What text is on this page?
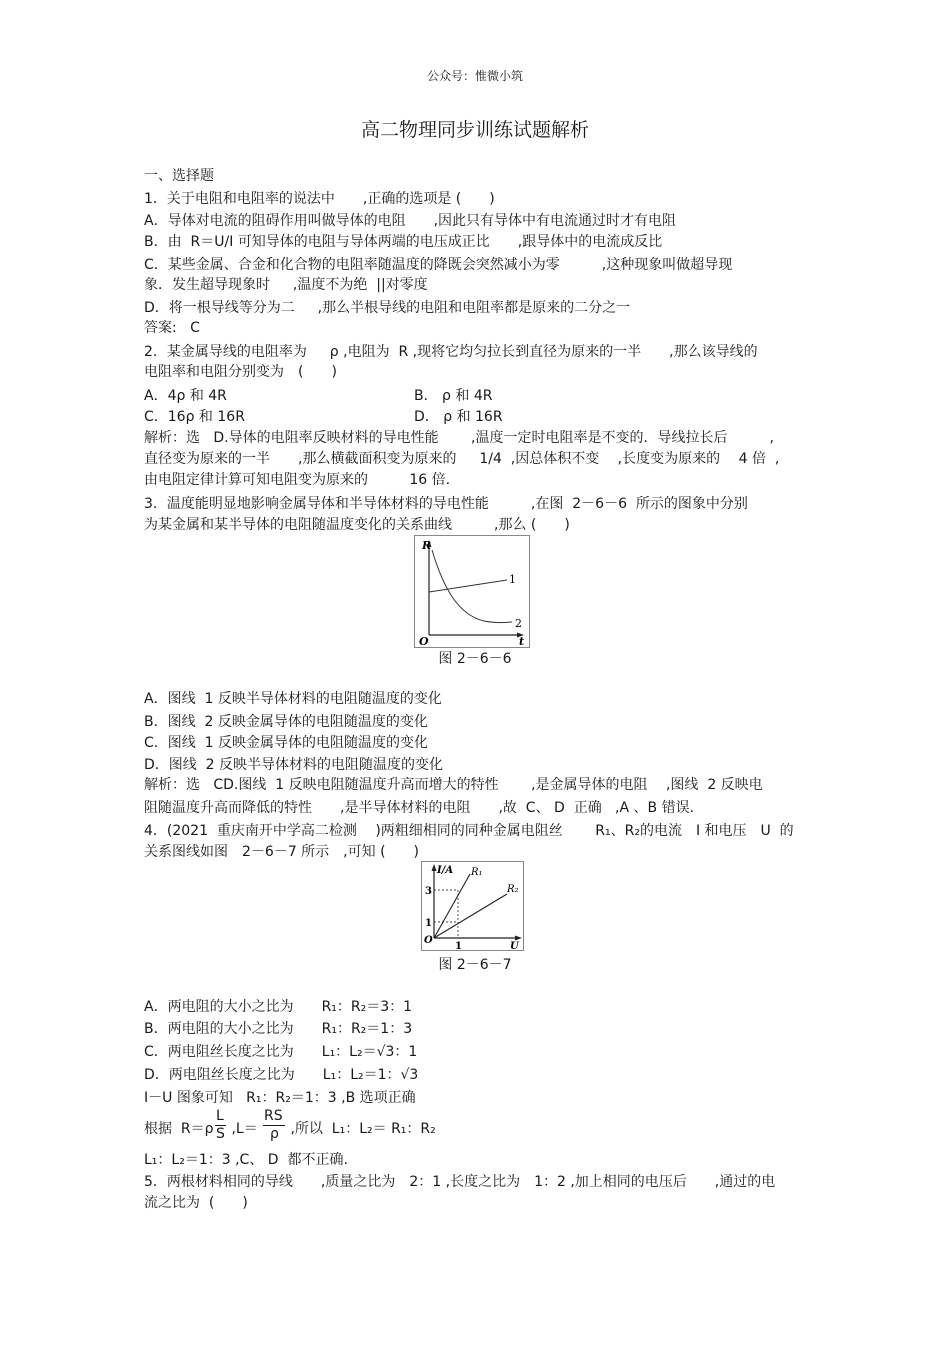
公众号：惟微小筑
高二物理同步训练试题解析
一、选择题
1．关于电阻和电阻率的说法中　　,正确的选项是 (　　)
A．导体对电流的阻碍作用叫做导体的电阻　　,因此只有导体中有电流通过时才有电阻
B．由  R＝U/I 可知导体的电阻与导体两端的电压成正比　　,跟导体中的电流成反比
C．某些金属、合金和化合物的电阻率随温度的降既会突然减小为零　　　,这种现象叫做超导现
象．发生超导现象时　  ,温度不为绝  ||对零度
D．将一根导线等分为二　  ,那么半根导线的电阻和电阻率都是原来的二分之一
答案:   C
2．某金属导线的电阻率为　  ρ ,电阻为  R ,现将它均匀拉长到直径为原来的一半　　,那么该导线的
电阻率和电阻分别变为　(　　)
A．4ρ 和 4R	B． ρ 和 4R
C．16ρ 和 16R	D． ρ 和 16R
解析：选   D.导体的电阻率反映材料的导电性能　　 ,温度一定时电阻率是不变的．导线拉长后　　　,
直径变为原来的一半　　,那么横截面积变为原来的　  1/4  ,因总体积不变　 ,长度变为原来的　 4 倍  ,
由电阻定律计算可知电阻变为原来的　　   16 倍.
3．温度能明显地影响金属导体和半导体材料的导电性能　　　,在图  2－6－6  所示的图象中分别
为某金属和某半导体的电阻随温度变化的关系曲线　　　,那么 (　　)
R
t
O
1
2
图 2－6－6
A．图线  1 反映半导体材料的电阻随温度的变化
B．图线  2 反映金属导体的电阻随温度的变化
C．图线  1 反映金属导体的电阻随温度的变化
D．图线  2 反映半导体材料的电阻随温度的变化
解析：选   CD.图线  1 反映电阻随温度升高而增大的特性　　 ,是金属导体的电阻　 ,图线  2 反映电
阻随温度升高而降低的特性　　,是半导体材料的电阻　　,故  C、 D  正确   ,A 、B 错误.
4．(2021  重庆南开中学高二检测　 )两粗细相同的同种金属电阻丝　　 R₁、R₂的电流　I 和电压　U  的
关系图线如图　2－6－7 所示　,可知 (　　)
I/A
U
O
R₁
R₂
3
1
1
图 2－6－7
A．两电阻的大小之比为　　R₁：R₂＝3：1
B．两电阻的大小之比为　　R₁：R₂＝1：3
C．两电阻丝长度之比为　　L₁：L₂＝√3：1
D．两电阻丝长度之比为　　L₁：L₂＝1：√3
I－U 图象可知   R₁：R₂＝1：3 ,B 选项正确
根据  R＝ρ
L
S ,L＝
RS
ρ ,所以  L₁：L₂＝ R₁：R₂
L₁：L₂＝1：3 ,C、 D  都不正确.
5．两根材料相同的导线　　,质量之比为　2：1 ,长度之比为　1：2 ,加上相同的电压后　　,通过的电
流之比为  (　　)
